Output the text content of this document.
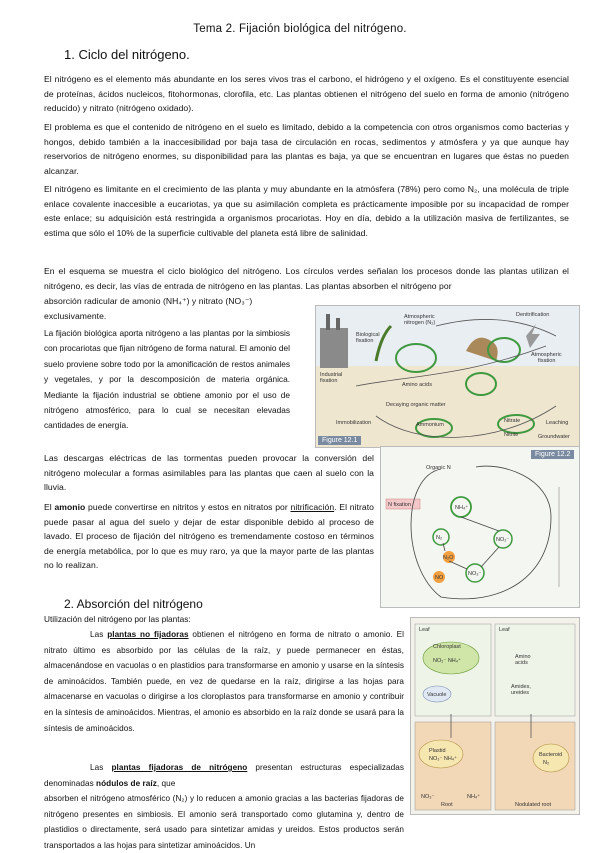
Tema 2. Fijación biológica del nitrógeno.
1. Ciclo del nitrógeno.
El nitrógeno es el elemento más abundante en los seres vivos tras el carbono, el hidrógeno y el oxígeno. Es el constituyente esencial de proteínas, ácidos nucleicos, fitohormonas, clorofila, etc. Las plantas obtienen el nitrógeno del suelo en forma de amonio (nitrógeno reducido) y nitrato (nitrógeno oxidado).
El problema es que el contenido de nitrógeno en el suelo es limitado, debido a la competencia con otros organismos como bacterias y hongos, debido también a la inaccesibilidad por baja tasa de circulación en rocas, sedimentos y atmósfera y ya que aunque hay reservorios de nitrógeno enormes, su disponibilidad para las plantas es baja, ya que se encuentran en lugares que éstas no pueden alcanzar.
El nitrógeno es limitante en el crecimiento de las planta y muy abundante en la atmósfera (78%) pero como N₂, una molécula de triple enlace covalente inaccesible a eucariotas, ya que su asimilación completa es prácticamente imposible por su incapacidad de romper este enlace; su adquisición está restringida a organismos procariotas. Hoy en día, debido a la utilización masiva de fertilizantes, se estima que sólo el 10% de la superficie cultivable del planeta está libre de salinidad.
En el esquema se muestra el ciclo biológico del nitrógeno. Los círculos verdes señalan los procesos donde las plantas utilizan el nitrógeno, es decir, las vías de entrada de nitrógeno en las plantas. Las plantas absorben el nitrógeno por
absorción radicular de amonio (NH₄⁺) y nitrato (NO₃⁻)
exclusivamente.
La fijación biológica aporta nitrógeno a las plantas por la simbiosis con procariotas que fijan nitrógeno de forma natural. El amonio del suelo proviene sobre todo por la amonificación de restos animales y vegetales, y por la descomposición de materia orgánica. Mediante la fijación industrial se obtiene amonio por el uso de nitrógeno atmosférico, para lo cual se necesitan elevadas cantidades de energía.
Las descargas eléctricas de las tormentas pueden provocar la conversión del nitrógeno molecular a formas asimilables para las plantas que caen al suelo con la lluvia.
El amonio puede convertirse en nitritos y estos en nitratos por nitrificación. El nitrato puede pasar al agua del suelo y dejar de estar disponible debido al proceso de lavado. El proceso de fijación del nitrógeno es tremendamente costoso en términos de energía metabólica, por lo que es muy raro, ya que la mayor parte de las plantas no lo realizan.
2. Absorción del nitrógeno
Utilización del nitrógeno por las plantas:
Las plantas no fijadoras obtienen el nitrógeno en forma de nitrato o amonio. El nitrato último es absorbido por las células de la raíz, y puede permanecer en éstas, almacenándose en vacuolas o en plastidios para transformarse en amonio y usarse en la síntesis de aminoácidos. También puede, en vez de quedarse en la raíz, dirigirse a las hojas para almacenarse en vacuolas o dirigirse a los cloroplastos para transformarse en amonio y contribuir en la síntesis de aminoácidos. Mientras, el amonio es absorbido en la raíz donde se usará para la síntesis de aminoácidos.
Las plantas fijadoras de nitrógeno presentan estructuras especializadas denominadas nódulos de raíz, que
absorben el nitrógeno atmosférico (N₂) y lo reducen a amonio gracias a las bacterias fijadoras de nitrógeno presentes en simbiosis. El amonio será transportado como glutamina y, dentro de plastidios o directamente, será usado para sintetizar amidas y ureidos. Estos productos serán transportados a las hojas para sintetizar aminoácidos. Un
Atmospheric
nitrogen (N₂)
Denitrification
Biological
fixation
Industrial
fixation
Atmospheric
fixation
Amino acids
Ammonium
Nitrate
Nitrite
Immobilization	Leaching
Groundwater
Decaying organic matter
Figure 12.1
Figure 12.2
N fixation
Organic N
NH₄⁺
N₂	NO₂⁻
NO₃⁻
N₂O
NO
Leaf	Leaf
Chloroplast
NO₂⁻ NH₄⁺
Vacuole
Amino
acids
Amides,
ureides
Plastid
NO₃⁻ NH₄⁺
Bacteroid
N₂
Root	Nodulated root
NO₃⁻	NH₄⁺
